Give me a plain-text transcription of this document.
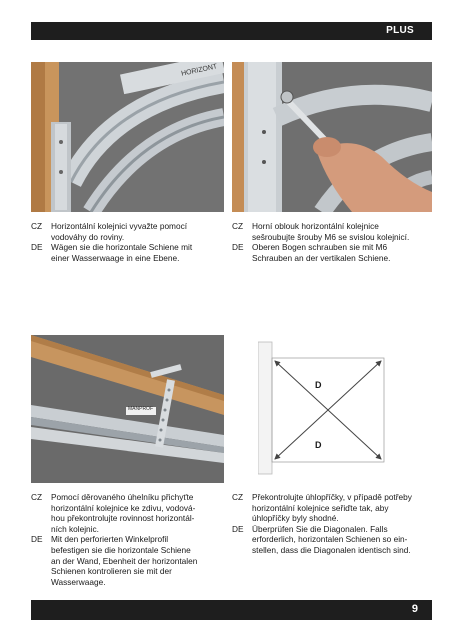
PLUS
HORIZONT
CZ	Horizontální kolejnici vyvažte pomocí
vodováhy do roviny.
DE	Wägen sie die horizontale Schiene mit
einer Wasserwaage in eine Ebene.
CZ	Horní oblouk horizontální kolejnice
sešroubujte šrouby M6 se svislou kolejnicí.
DE	Oberen Bogen schrauben sie mit M6
Schrauben an der vertikalen Schiene.
MANPROF
D
D
CZ	Pomocí děrovaného úhelníku přichyťte
horizontální kolejnice ke zdivu, vodová-
hou překontrolujte rovinnost horizontál-
ních kolejnic.
DE	Mit den perforierten Winkelprofil
befestigen sie die horizontale Schiene
an der Wand, Ebenheit der horizontalen
Schienen kontrolieren sie mit der
Wasserwaage.
CZ	Překontrolujte úhlopříčky, v případě potřeby
horizontální kolejnice seřiďte tak, aby
úhlopříčky byly shodné.
DE	Überprüfen Sie die Diagonalen. Falls
erforderlich, horizontalen Schienen so ein-
stellen, dass die Diagonalen identisch sind.
9
